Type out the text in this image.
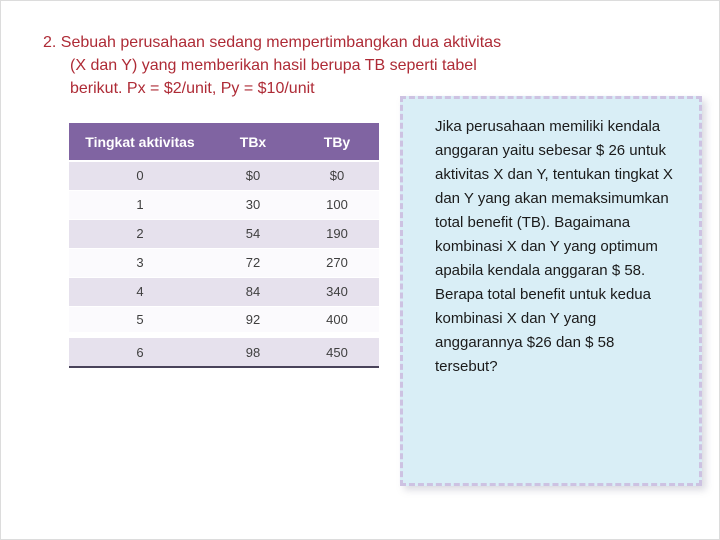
2. Sebuah perusahaan sedang mempertimbangkan dua aktivitas
(X dan Y) yang memberikan hasil berupa TB seperti tabel
berikut. Px = $2/unit, Py = $10/unit
Tingkat aktivitas	TBx	TBy
0	$0	$0
1	30	100
2	54	190
3	72	270
4	84	340
5	92	400
6	98	450
Jika perusahaan memiliki kendala anggaran yaitu sebesar $ 26 untuk aktivitas X dan Y, tentukan tingkat X dan Y yang akan memaksimumkan total benefit (TB). Bagaimana kombinasi X dan Y yang optimum apabila kendala anggaran $ 58. Berapa total benefit untuk kedua kombinasi X dan Y yang anggarannya $26 dan $ 58 tersebut?
